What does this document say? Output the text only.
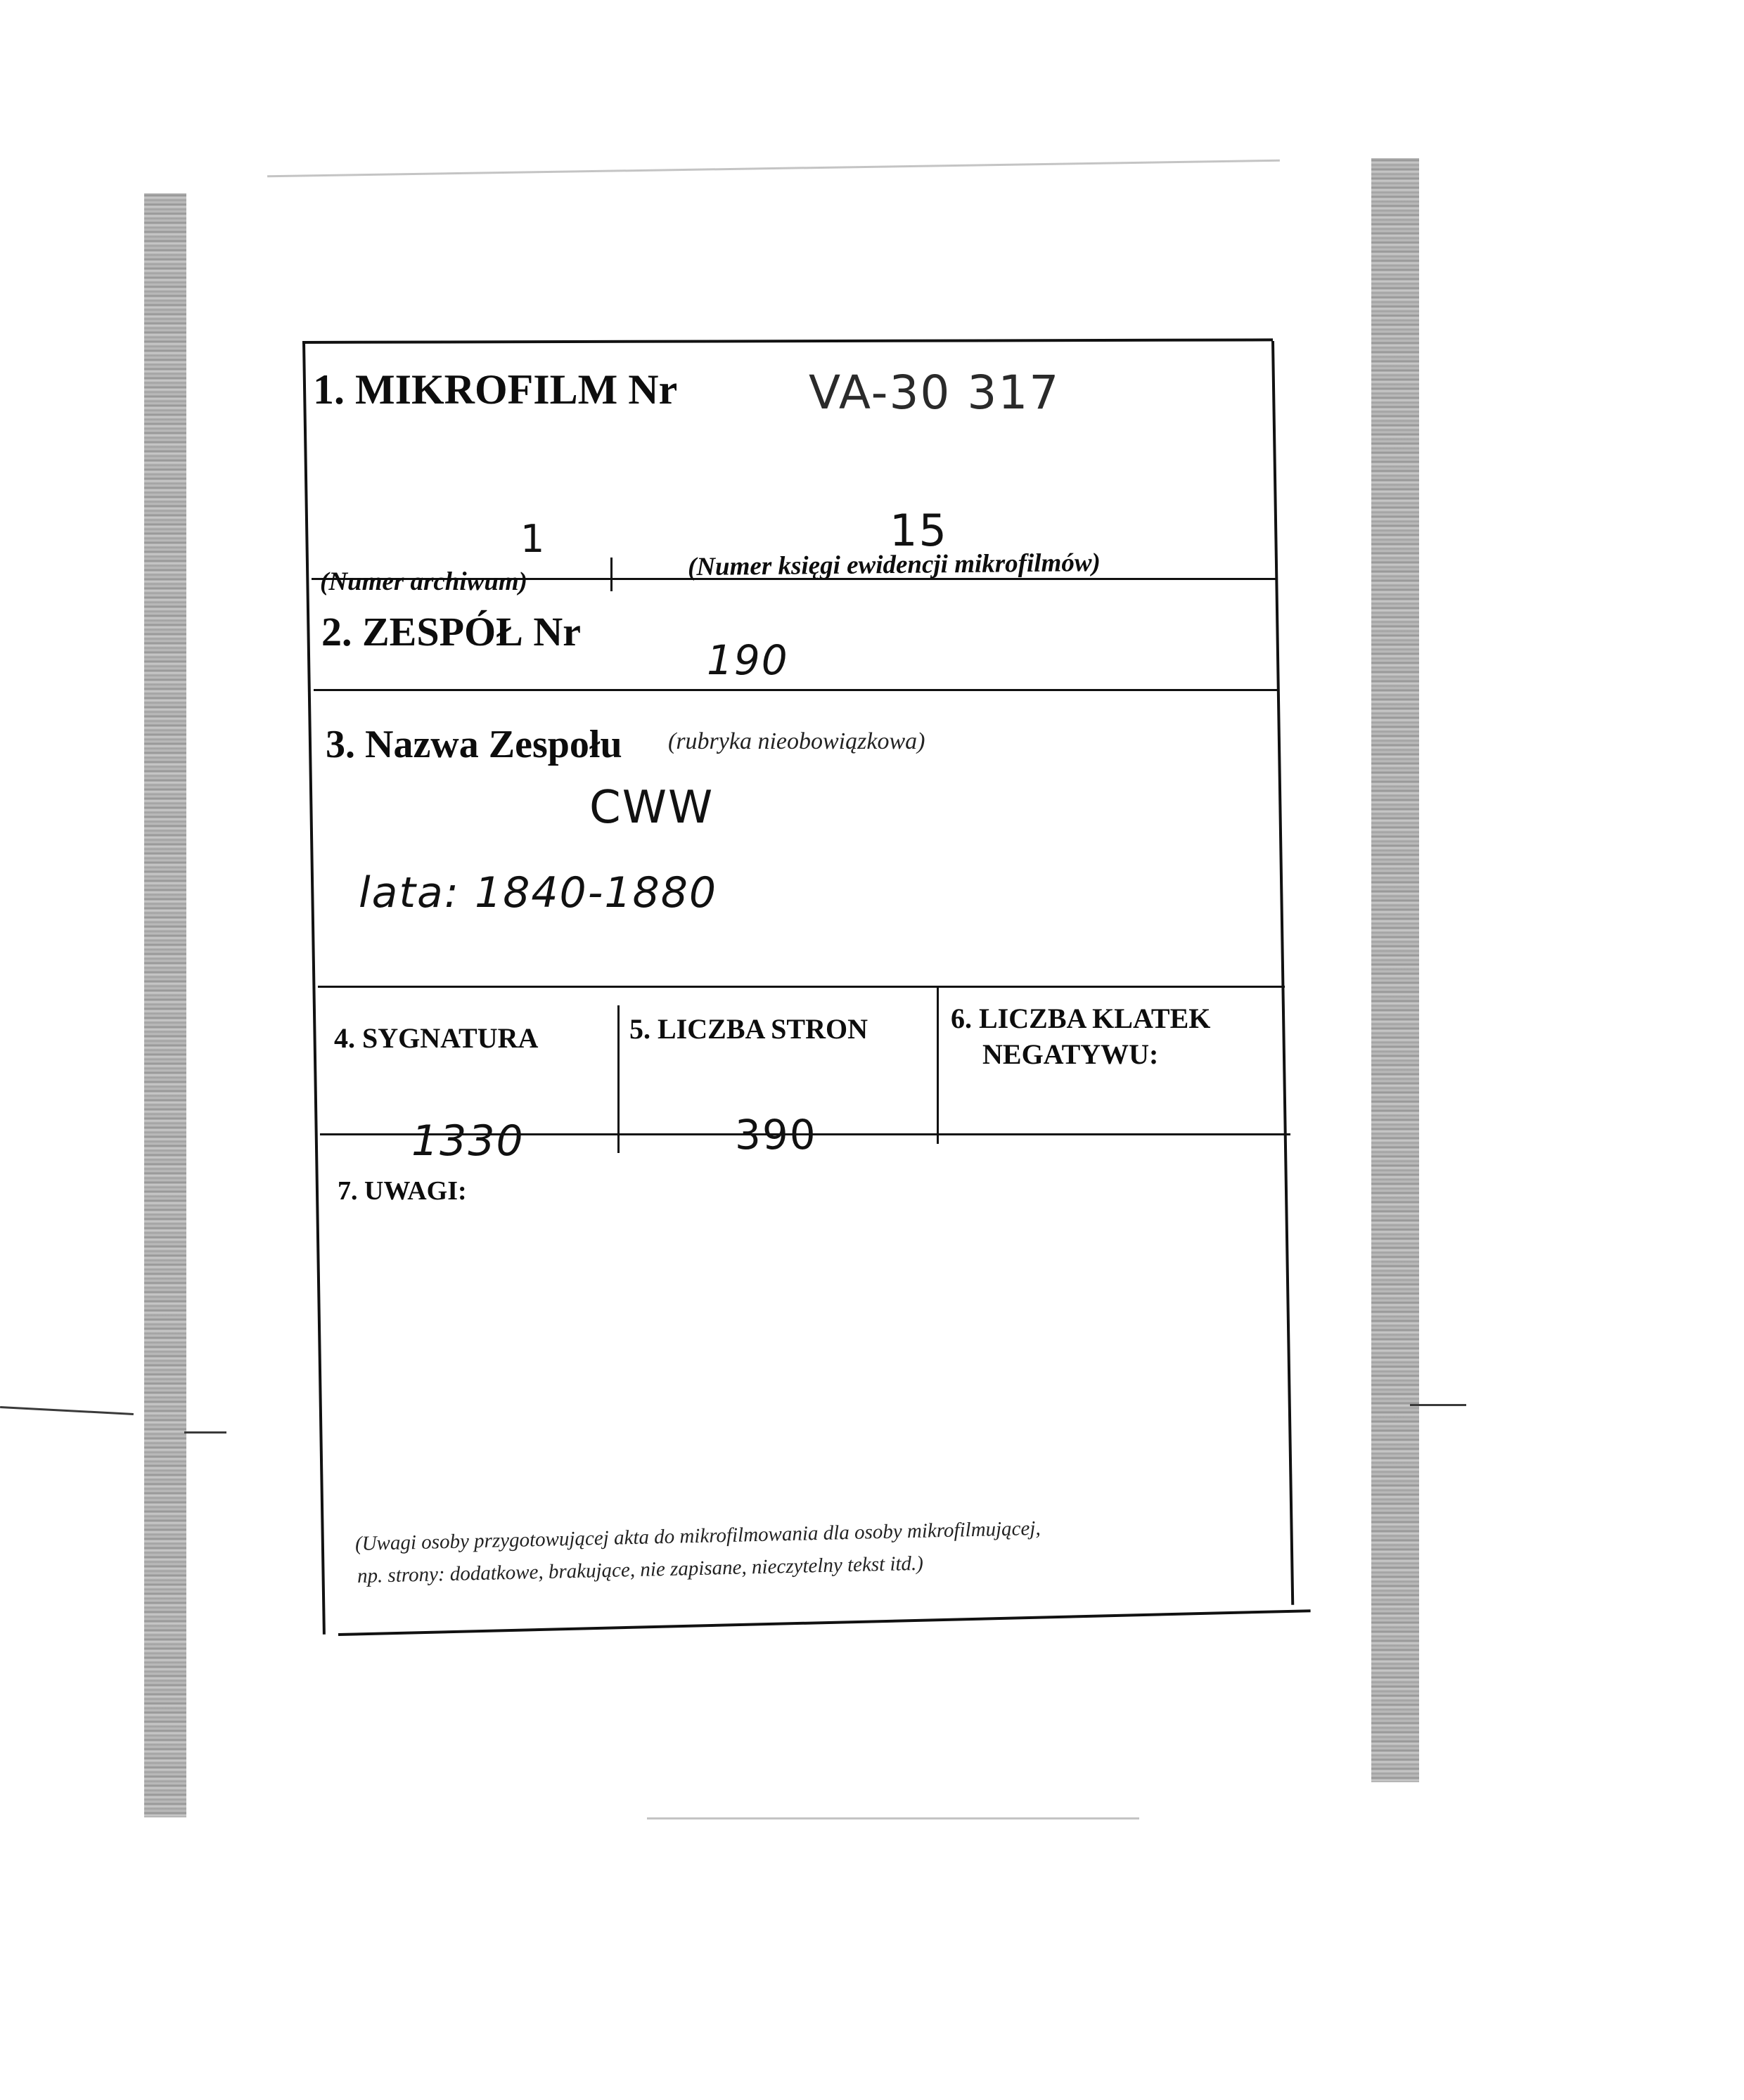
1. MIKROFILM Nr	VA-30 317
1	15
(Numer archiwum)
(Numer księgi ewidencji mikrofilmów)
2. ZESPÓŁ Nr
190
3. Nazwa Zespołu (rubryka nieobowiązkowa)
CWW
lata: 1840-1880
4. SYGNATURA
1330
5. LICZBA STRON
390
6. LICZBA KLATEK
NEGATYWU:
7. UWAGI:
(Uwagi osoby przygotowującej akta do mikrofilmowania dla osoby mikrofilmującej,
np. strony: dodatkowe, brakujące, nie zapisane, nieczytelny tekst itd.)
